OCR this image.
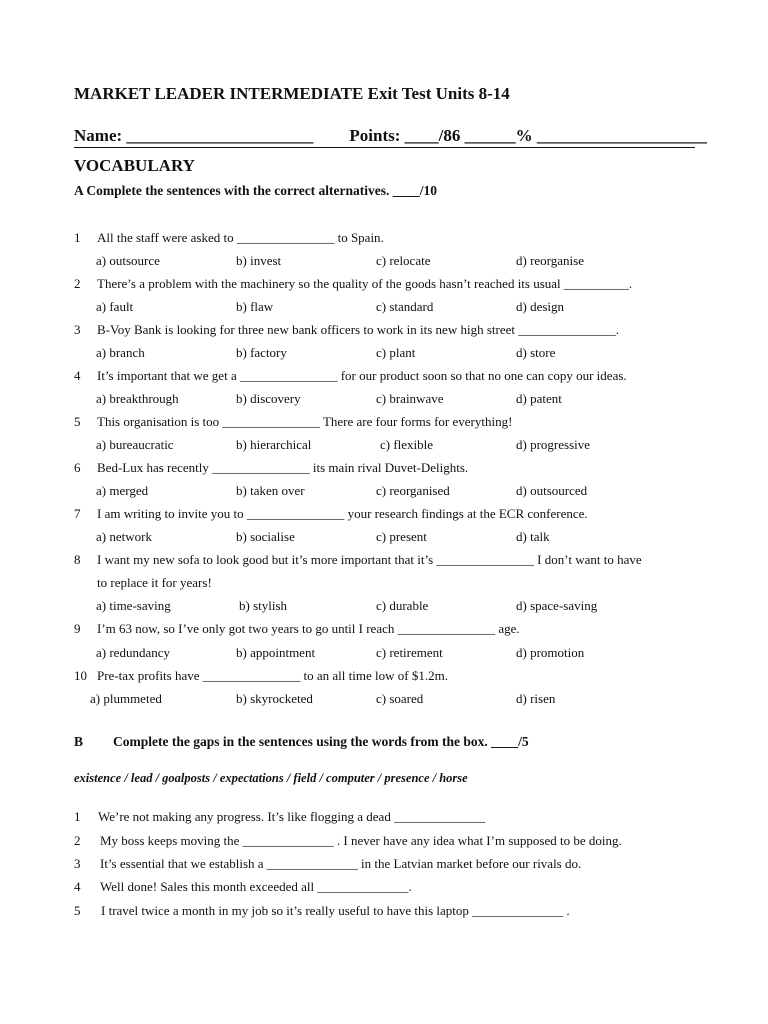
MARKET LEADER INTERMEDIATE Exit Test Units 8-14
Name: ______________________ Points: ____/86 ______% ____________________
VOCABULARY
A Complete the sentences with the correct alternatives. ____/10
1 All the staff were asked to _______________ to Spain.
a) outsource	b) invest	c) relocate	d) reorganise
2 There’s a problem with the machinery so the quality of the goods hasn’t reached its usual __________.
a) fault	b) flaw	c) standard	d) design
3 B-Voy Bank is looking for three new bank officers to work in its new high street _______________.
a) branch	b) factory	c) plant	d) store
4 It’s important that we get a _______________ for our product soon so that no one can copy our ideas.
a) breakthrough	b) discovery	c) brainwave	d) patent
5 This organisation is too _______________ There are four forms for everything!
a) bureaucratic	b) hierarchical	c) flexible	d) progressive
6 Bed-Lux has recently _______________ its main rival Duvet-Delights.
a) merged	b) taken over	c) reorganised	d) outsourced
7 I am writing to invite you to _______________ your research findings at the ECR conference.
a) network	b) socialise	c) present	d) talk
8 I want my new sofa to look good but it’s more important that it’s _______________ I don’t want to have
to replace it for years!
a) time-saving	b) stylish	c) durable	d) space-saving
9 I’m 63 now, so I’ve only got two years to go until I reach _______________ age.
a) redundancy	b) appointment	c) retirement	d) promotion
10 Pre-tax profits have _______________ to an all time low of $1.2m.
a) plummeted	b) skyrocketed	c) soared	d) risen
B Complete the gaps in the sentences using the words from the box. ____/5
existence / lead / goalposts / expectations / field / computer / presence / horse
1 We’re not making any progress. It’s like flogging a dead ______________
2 My boss keeps moving the ______________ . I never have any idea what I’m supposed to be doing.
3 It’s essential that we establish a ______________ in the Latvian market before our rivals do.
4 Well done! Sales this month exceeded all ______________.
5 I travel twice a month in my job so it’s really useful to have this laptop ______________ .
